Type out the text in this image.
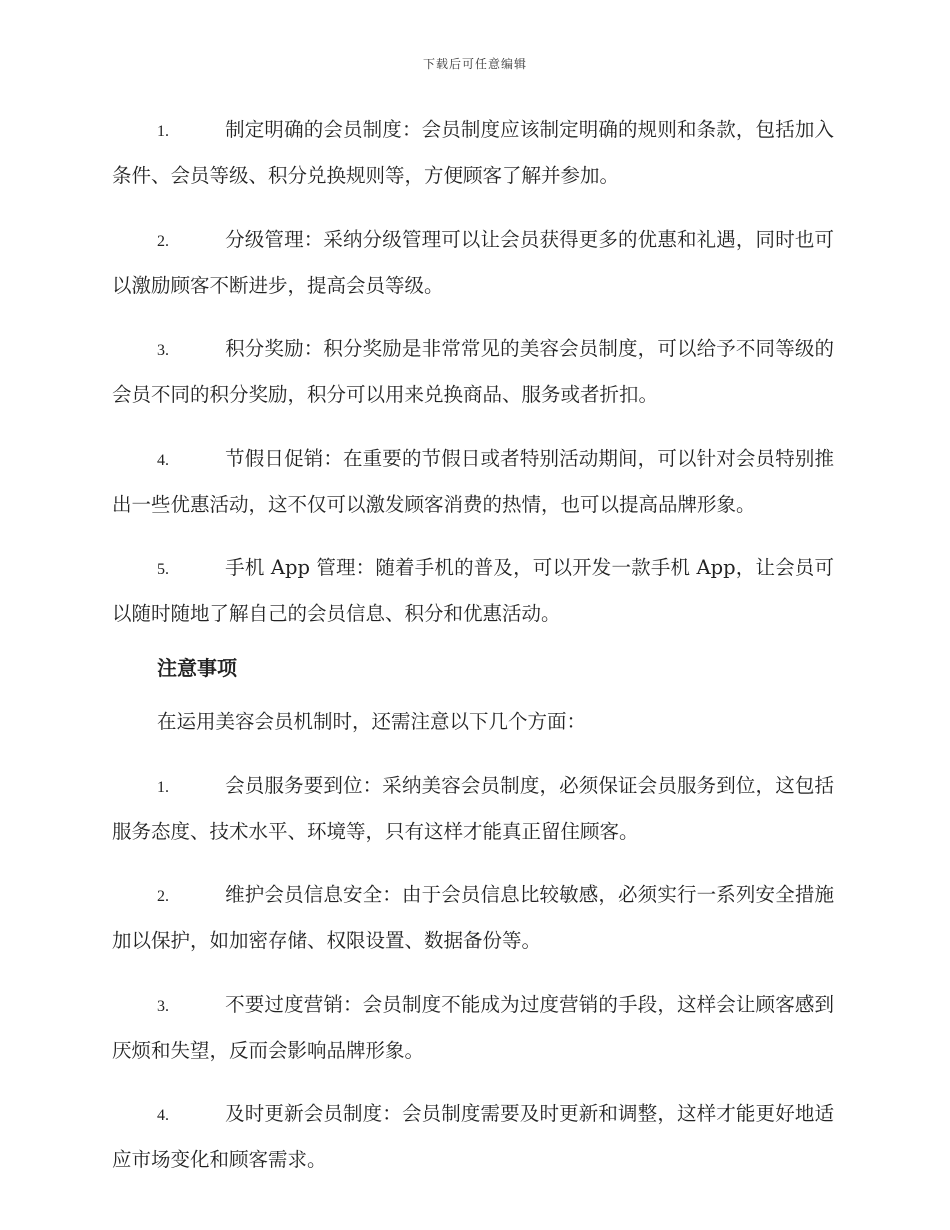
下载后可任意编辑

1.	制定明确的会员制度：会员制度应该制定明确的规则和条款，包括加入条件、会员等级、积分兑换规则等，方便顾客了解并参加。

2.	分级管理：采纳分级管理可以让会员获得更多的优惠和礼遇，同时也可以激励顾客不断进步，提高会员等级。

3.	积分奖励：积分奖励是非常常见的美容会员制度，可以给予不同等级的会员不同的积分奖励，积分可以用来兑换商品、服务或者折扣。

4.	节假日促销：在重要的节假日或者特别活动期间，可以针对会员特别推出一些优惠活动，这不仅可以激发顾客消费的热情，也可以提高品牌形象。

5.	手机 App 管理：随着手机的普及，可以开发一款手机 App，让会员可以随时随地了解自己的会员信息、积分和优惠活动。

注意事项
在运用美容会员机制时，还需注意以下几个方面：

1.	会员服务要到位：采纳美容会员制度，必须保证会员服务到位，这包括服务态度、技术水平、环境等，只有这样才能真正留住顾客。

2.	维护会员信息安全：由于会员信息比较敏感，必须实行一系列安全措施加以保护，如加密存储、权限设置、数据备份等。

3.	不要过度营销：会员制度不能成为过度营销的手段，这样会让顾客感到厌烦和失望，反而会影响品牌形象。

4.	及时更新会员制度：会员制度需要及时更新和调整，这样才能更好地适应市场变化和顾客需求。
